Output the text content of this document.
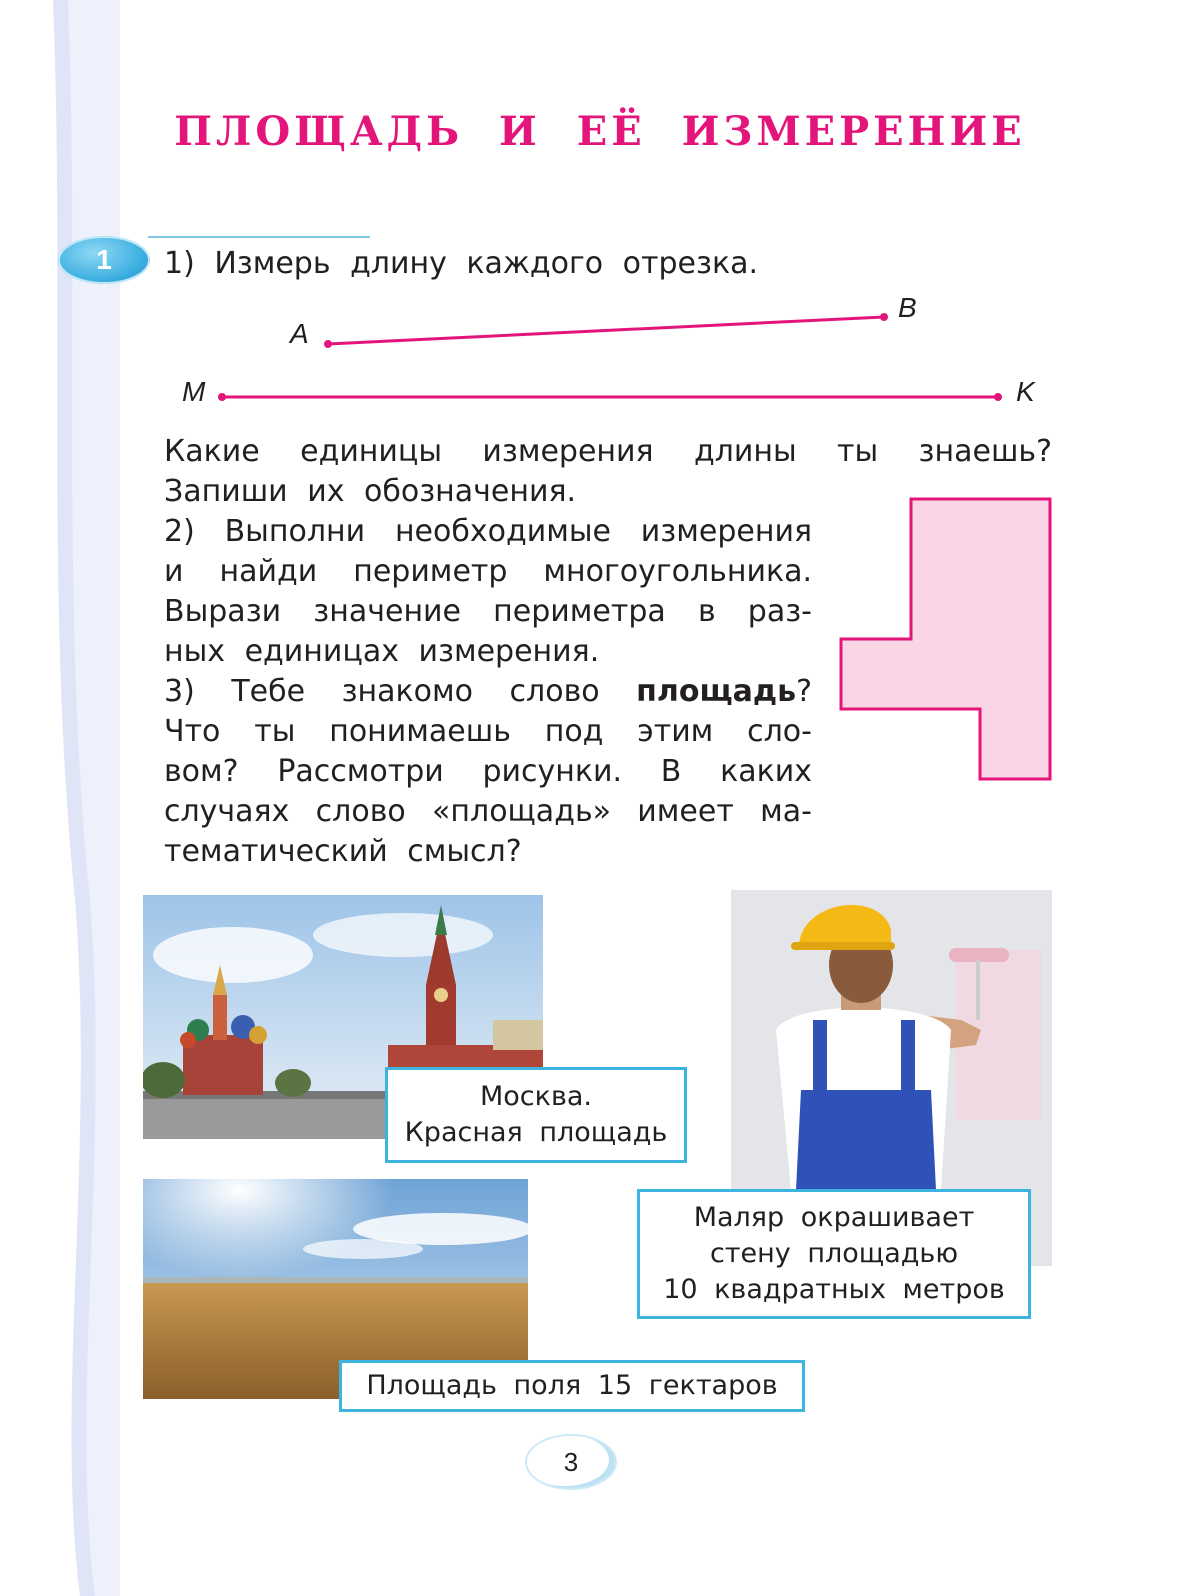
ПЛОЩАДЬ И ЕЁ ИЗМЕРЕНИЕ
1	1) Измерь длину каждого отрезка.
A
B
M	K
Какие единицы измерения длины ты знаешь?
Запиши их обозначения.
2) Выполни необходимые измерения
и найди периметр многоугольника.
Вырази значение периметра в раз-
ных единицах измерения.
3) Тебе знакомо слово площадь?
Что ты понимаешь под этим сло-
вом? Рассмотри рисунки. В каких
случаях слово «площадь» имеет ма-
тематический смысл?
Москва.
Красная площадь
Маляр окрашивает
стену площадью
10 квадратных метров
Площадь поля 15 гектаров
3
